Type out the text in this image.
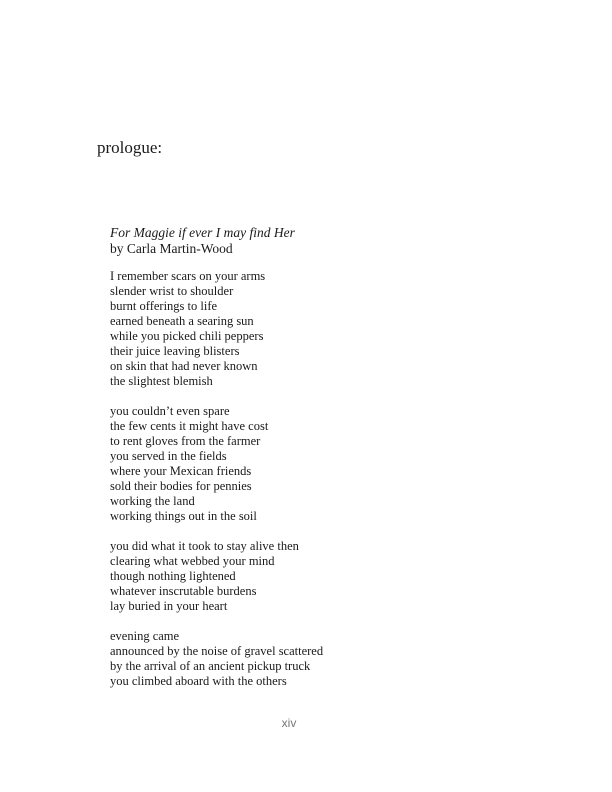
prologue:

For Maggie if ever I may find Her

by Carla Martin-Wood

I remember scars on your arms
slender wrist to shoulder
burnt offerings to life
earned beneath a searing sun
while you picked chili peppers
their juice leaving blisters
on skin that had never known
the slightest blemish
you couldn’t even spare
the few cents it might have cost
to rent gloves from the farmer
you served in the fields
where your Mexican friends
sold their bodies for pennies
working the land
working things out in the soil
you did what it took to stay alive then
clearing what webbed your mind
though nothing lightened
whatever inscrutable burdens
lay buried in your heart
evening came
announced by the noise of gravel scattered
by the arrival of an ancient pickup truck
you climbed aboard with the others
xiv
